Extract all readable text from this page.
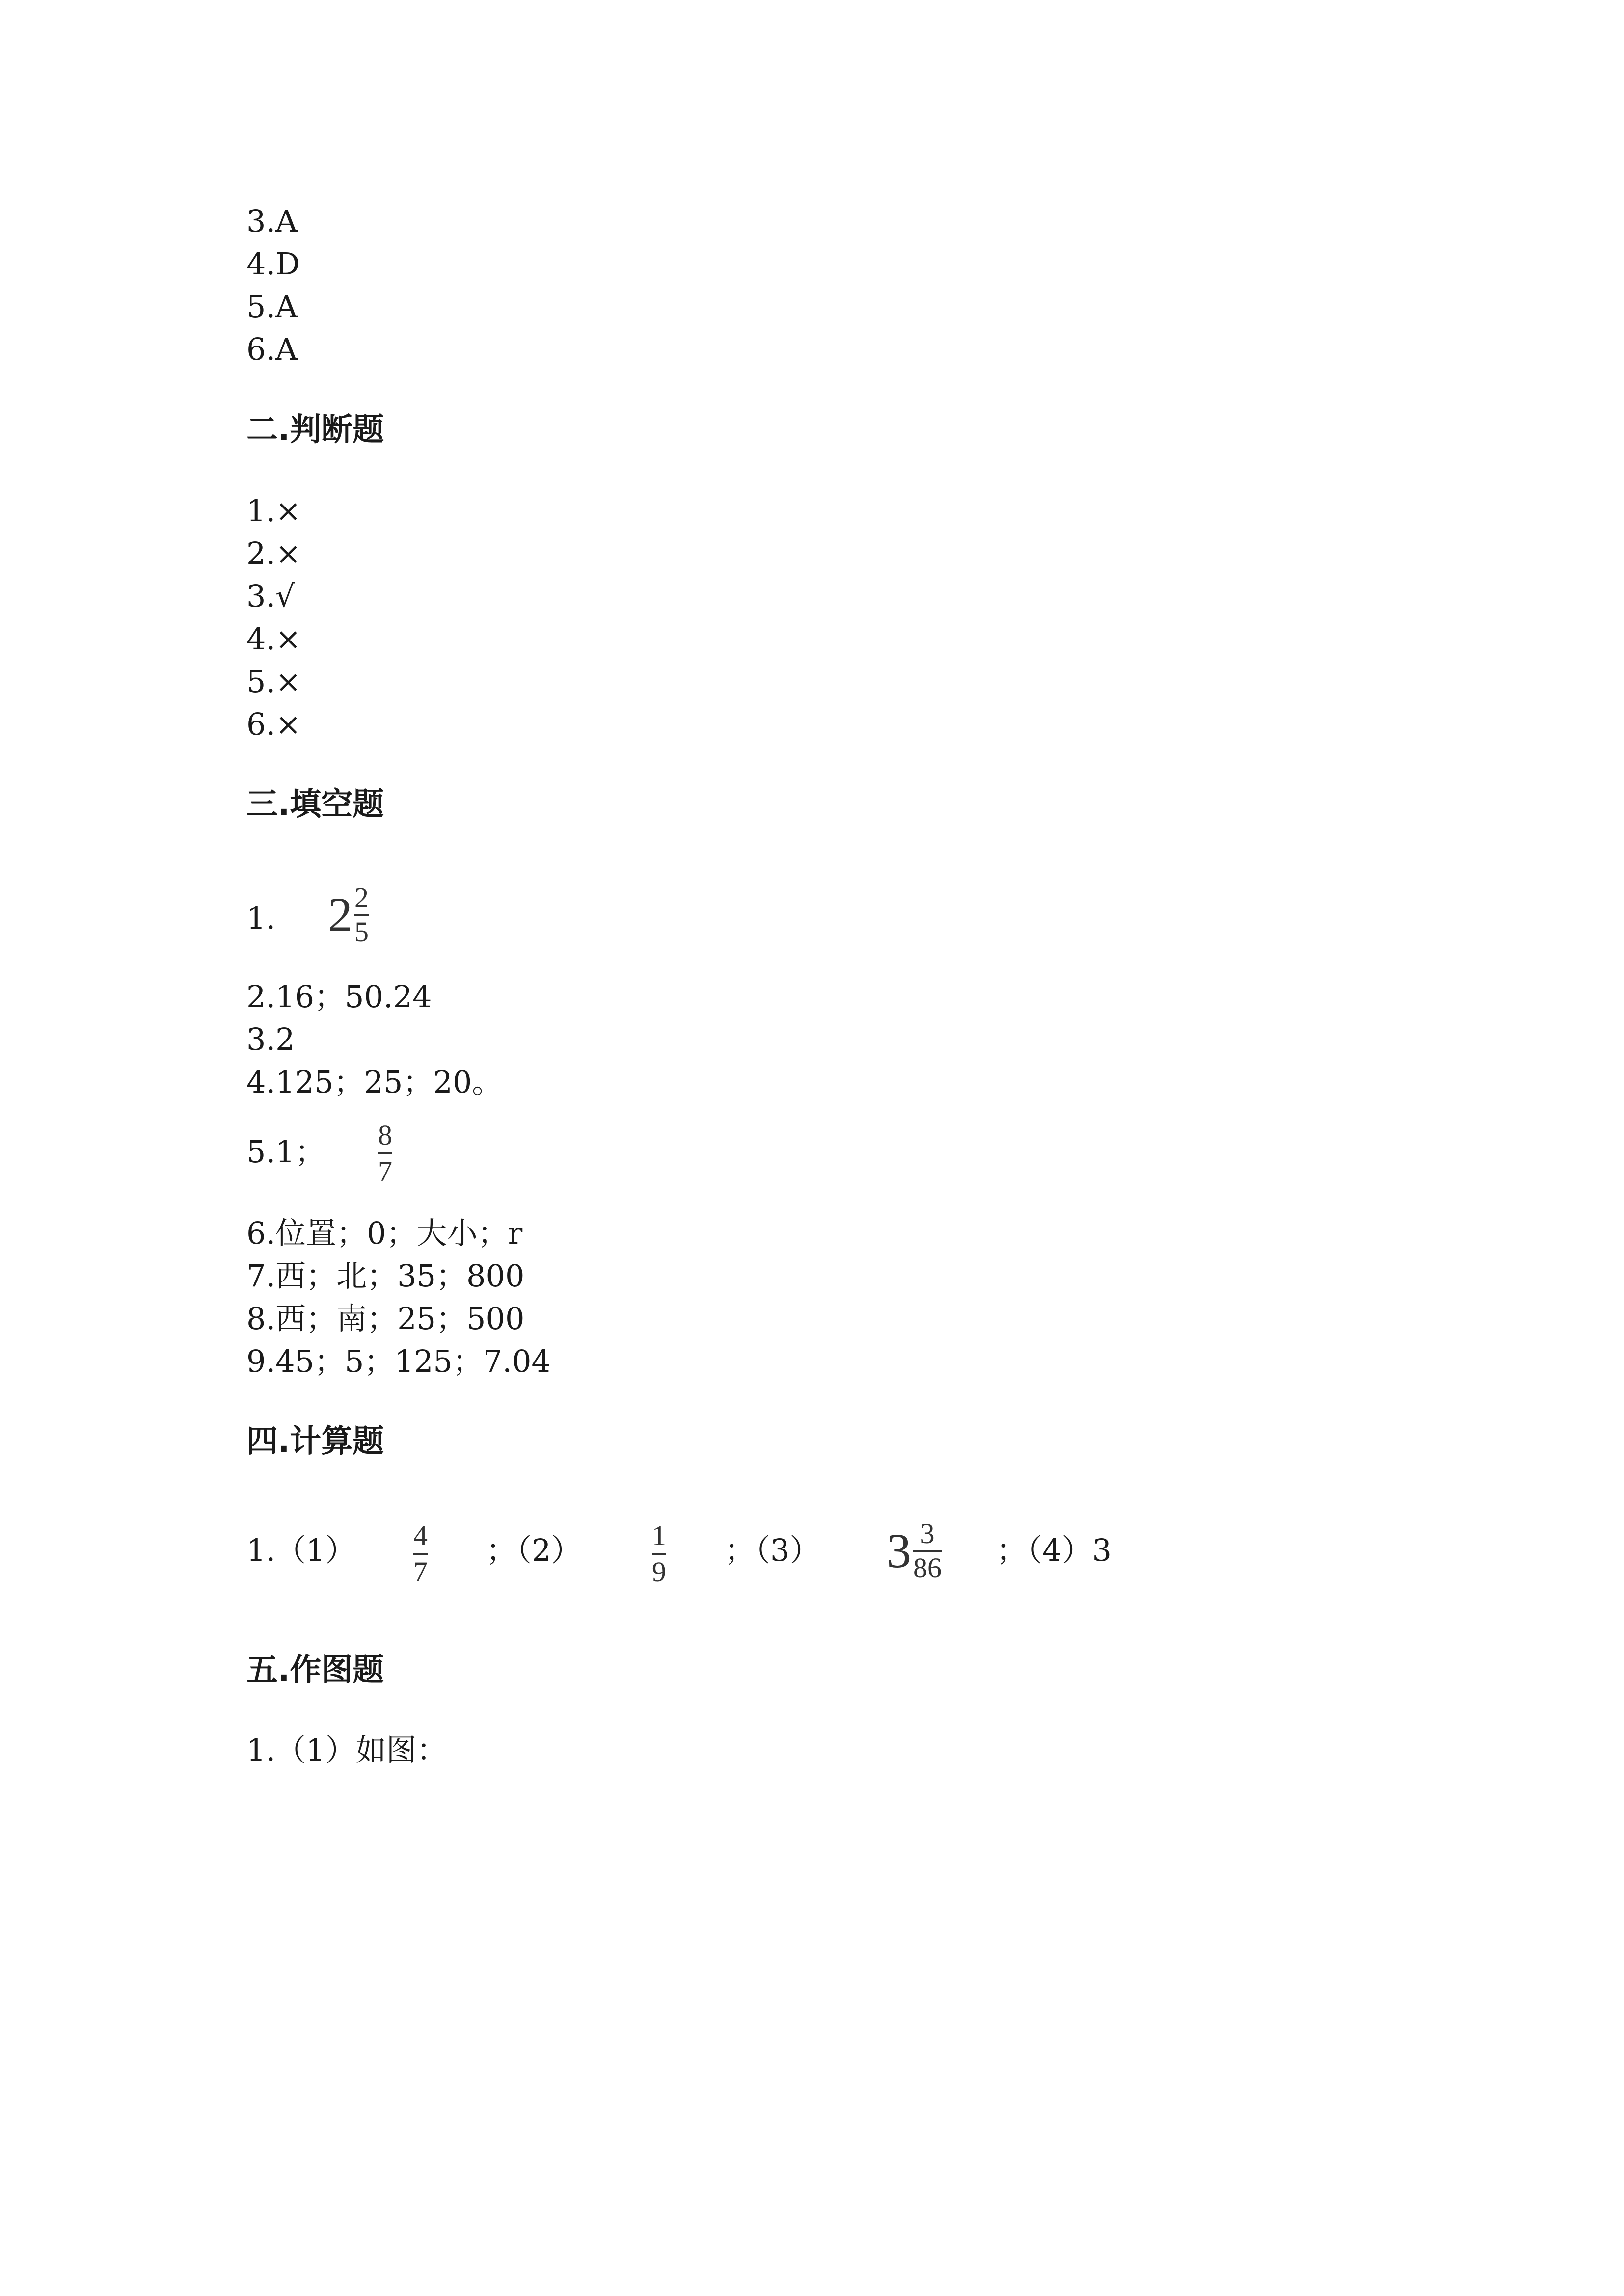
3.A
4.D
5.A
6.A
二.判断题
1.×
2.×
3.√
4.×
5.×
6.×
三.填空题
1. 2 2
5
2.16；50.24
3.2
4.125；25；20。
5.1； 8
7
6.位置；0；大小；r
7.西；北；35；800
8.西；南；25；500
9.45；5；125；7.04
四.计算题
1.（1） 4
7
；（2） 1
9
；（3） 3 3
86 ；（4）3
五.作图题
1.（1）如图：
